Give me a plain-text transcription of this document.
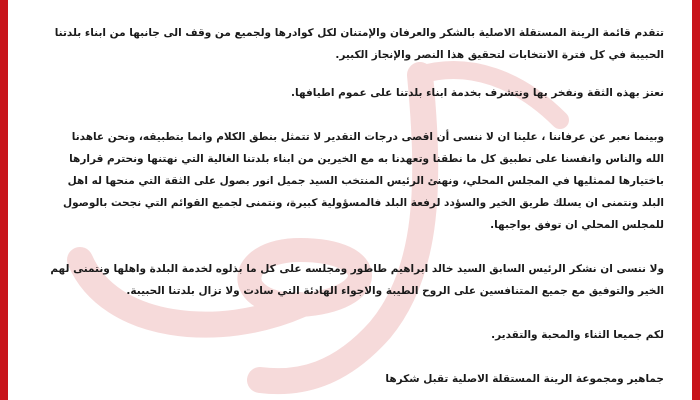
تتقدم قائمة الرينة المستقلة الاصلية بالشكر والعرفان والإمتنان لكل كوادرها ولجميع من وقف الى جانبها من ابناء بلدتنا الحبيبة في كل فترة الانتخابات لتحقيق هذا النصر والإنجاز الكبير.

نعتز بهذه الثقة ونفخر بها ونتشرف بخدمة ابناء بلدتنا على عموم اطيافها.

وبينما نعبر عن عرفاننا ، علينا ان لا ننسى أن اقصى درجات التقدير لا تتمثل بنطق الكلام وانما بتطبيقه، ونحن عاهدنا الله والناس وانفسنا على تطبيق كل ما نطقنا وتعهدنا به مع الخيرين من ابناء بلدتنا الغالية التي نهتنها ونحترم قرارها باختيارها لممثليها في المجلس المحلي، ونهنئ الرئيس المنتخب السيد جميل انور بصول على الثقة التي منحها له اهل البلد ونتمنى ان يسلك طريق الخير والسؤدد لرفعة البلد فالمسؤولية كبيرة، ونتمنى لجميع القوائم التي نجحت بالوصول للمجلس المحلي ان توفق بواجبها.

ولا ننسى ان نشكر الرئيس السابق السيد خالد ابراهيم طاطور ومجلسه على كل ما بذلوه لخدمة البلدة واهلها ونتمنى لهم الخير والتوفيق مع جميع المتنافسين على الروح الطيبة والاجواء الهادئة التي سادت ولا تزال بلدتنا الحبيبة.

لكم جميعا الثناء والمحبة والتقدير.

جماهير ومجموعة الرينة المستقلة الاصلية تقبل شكرها
